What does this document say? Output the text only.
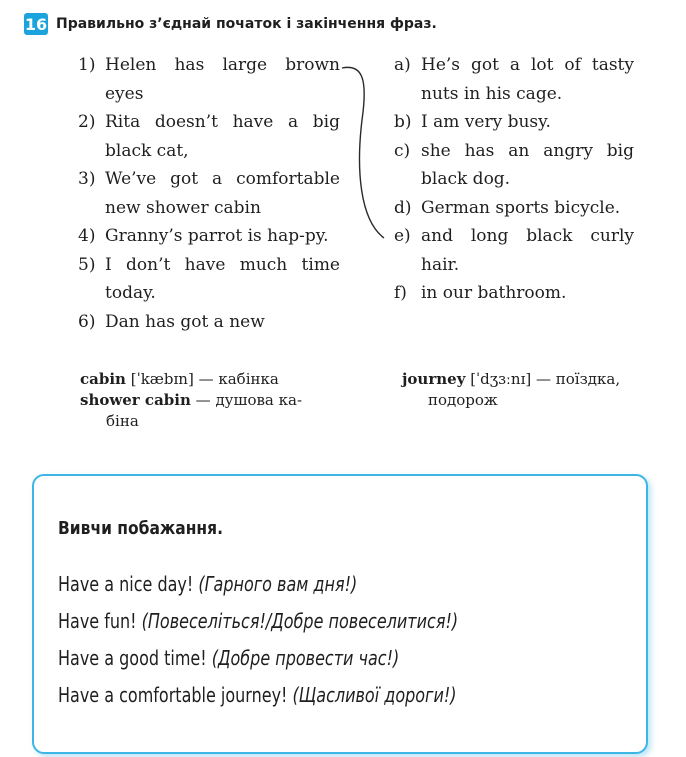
16 Правильно з’єднай початок і закінчення фраз.
1) Helen has large brown eyes
2) Rita doesn’t have a big black cat,
3) We’ve got a comfortable new shower cabin
4) Granny’s parrot is hap-py.
5) I don’t have much time today.
6) Dan has got a new
a) He’s got a lot of tasty nuts in his cage.
b) I am very busy.
c) she has an angry big black dog.
d) German sports bicycle.
e) and long black curly hair.
f) in our bathroom.
cabin [ˈkæbɪn] — кабінка
shower cabin — душова ка-
біна
journey [ˈdʒɜːnɪ] — поїздка,
подорож
Вивчи побажання.
Have a nice day! (Гарного вам дня!)
Have fun! (Повеселіться!/Добре повеселитися!)
Have a good time! (Добре провести час!)
Have a comfortable journey! (Щасливої дороги!)
